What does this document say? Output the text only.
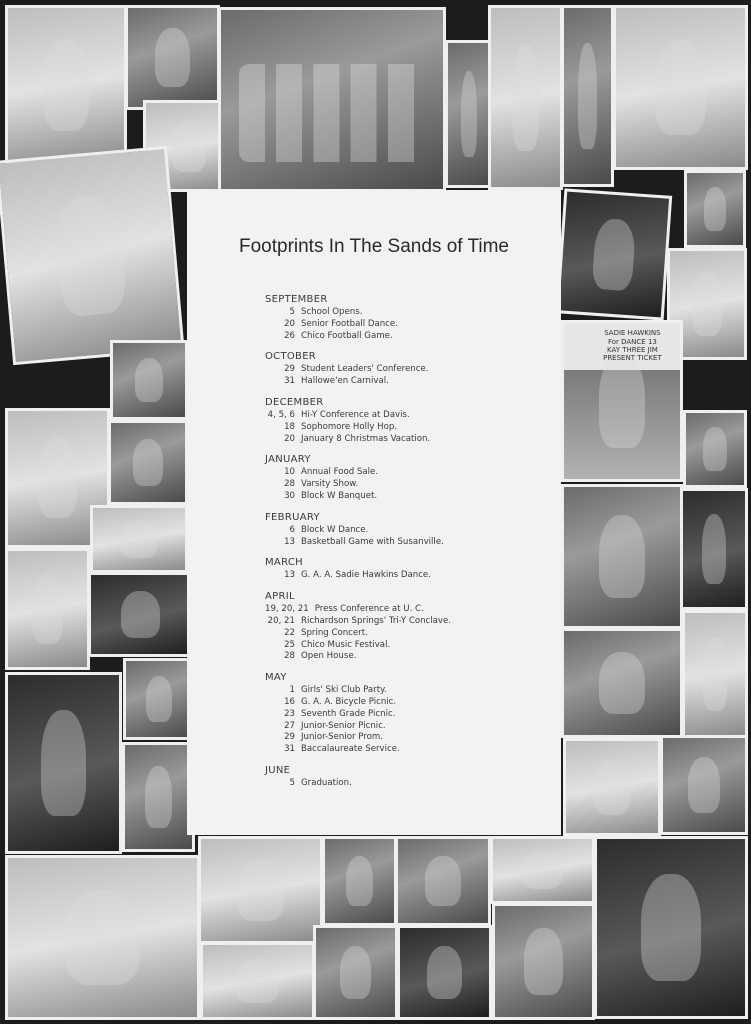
SADIE HAWKINS
For DANCE 13
KAY THREE JIM
PRESENT TICKET
Footprints In The Sands of Time
SEPTEMBER
5 School Opens.
20 Senior Football Dance.
26 Chico Football Game.
OCTOBER
29 Student Leaders' Conference.
31 Hallowe'en Carnival.
DECEMBER
4, 5, 6 Hi-Y Conference at Davis.
18 Sophomore Holly Hop.
20 January 8 Christmas Vacation.
JANUARY
10 Annual Food Sale.
28 Varsity Show.
30 Block W Banquet.
FEBRUARY
6 Block W Dance.
13 Basketball Game with Susanville.
MARCH
13 G. A. A. Sadie Hawkins Dance.
APRIL
19, 20, 21 Press Conference at U. C.
20, 21 Richardson Springs' Tri-Y Conclave.
22 Spring Concert.
25 Chico Music Festival.
28 Open House.
MAY
1 Girls' Ski Club Party.
16 G. A. A. Bicycle Picnic.
23 Seventh Grade Picnic.
27 Junior-Senior Picnic.
29 Junior-Senior Prom.
31 Baccalaureate Service.
JUNE
5 Graduation.
